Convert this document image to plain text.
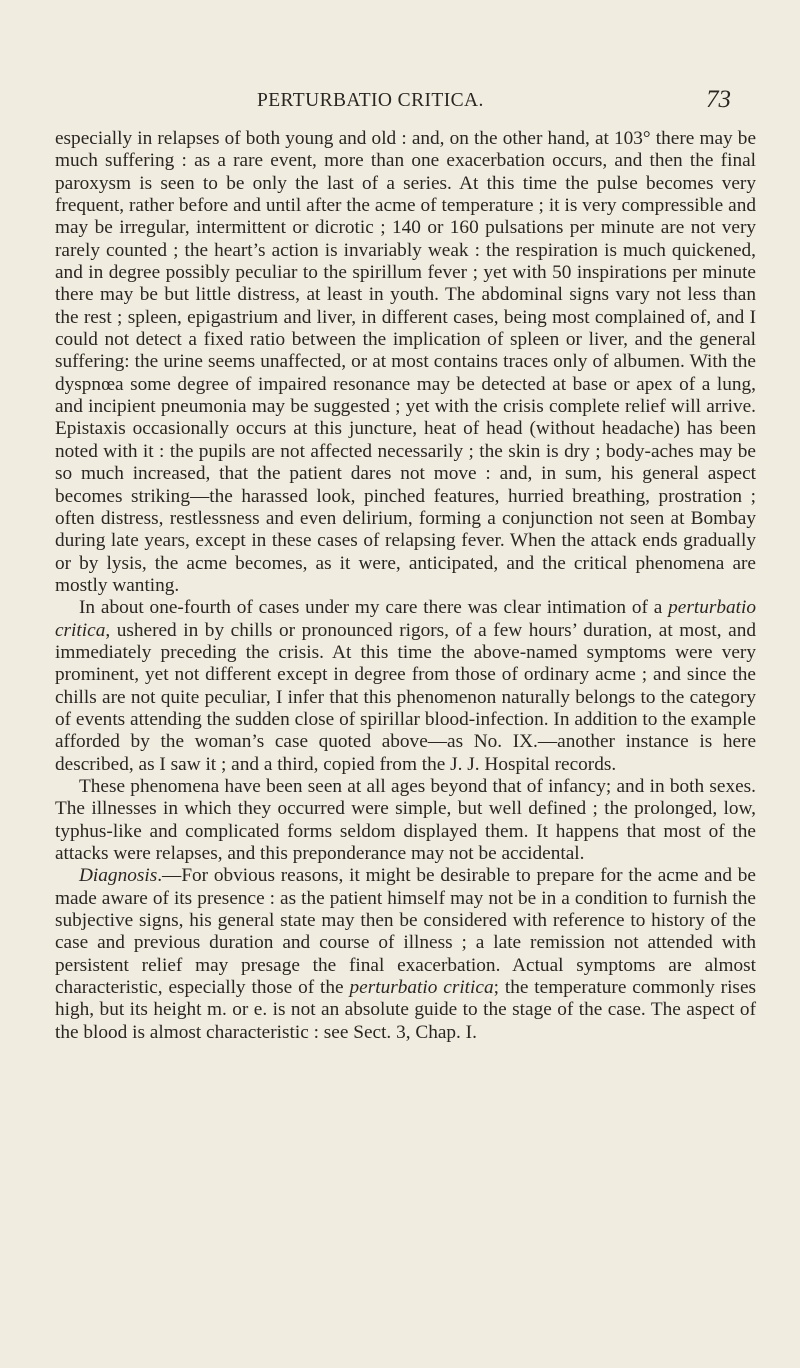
PERTURBATIO CRITICA.	73

especially in relapses of both young and old : and, on the other hand, at 103° there may be much suffering : as a rare event, more than one exacerbation occurs, and then the final paroxysm is seen to be only the last of a series. At this time the pulse becomes very frequent, rather before and until after the acme of temperature ; it is very compressible and may be irregular, intermittent or dicrotic ; 140 or 160 pulsations per minute are not very rarely counted ; the heart’s action is invariably weak : the respiration is much quickened, and in degree possibly peculiar to the spirillum fever ; yet with 50 inspirations per minute there may be but little distress, at least in youth. The abdominal signs vary not less than the rest ; spleen, epigastrium and liver, in different cases, being most complained of, and I could not detect a fixed ratio between the implication of spleen or liver, and the general suffering: the urine seems unaffected, or at most contains traces only of albumen. With the dyspnœa some degree of impaired resonance may be detected at base or apex of a lung, and incipient pneumonia may be suggested ; yet with the crisis complete relief will arrive. Epistaxis occasionally occurs at this juncture, heat of head (without headache) has been noted with it : the pupils are not affected necessarily ; the skin is dry ; body-aches may be so much increased, that the patient dares not move : and, in sum, his general aspect becomes striking—the harassed look, pinched features, hurried breathing, prostration ; often distress, restlessness and even delirium, forming a conjunction not seen at Bombay during late years, except in these cases of relapsing fever. When the attack ends gradually or by lysis, the acme becomes, as it were, anticipated, and the critical phenomena are mostly wanting.

In about one-fourth of cases under my care there was clear intimation of a perturbatio critica, ushered in by chills or pronounced rigors, of a few hours’ duration, at most, and immediately preceding the crisis. At this time the above-named symptoms were very prominent, yet not different except in degree from those of ordinary acme ; and since the chills are not quite peculiar, I infer that this phenomenon naturally belongs to the category of events attending the sudden close of spirillar blood-infection. In addition to the example afforded by the woman’s case quoted above—as No. IX.—another instance is here described, as I saw it ; and a third, copied from the J. J. Hospital records.

These phenomena have been seen at all ages beyond that of infancy; and in both sexes. The illnesses in which they occurred were simple, but well defined ; the prolonged, low, typhus-like and complicated forms seldom displayed them. It happens that most of the attacks were relapses, and this preponderance may not be accidental.

Diagnosis.—For obvious reasons, it might be desirable to prepare for the acme and be made aware of its presence : as the patient himself may not be in a condition to furnish the subjective signs, his general state may then be considered with reference to history of the case and previous duration and course of illness ; a late remission not attended with persistent relief may presage the final exacerbation. Actual symptoms are almost characteristic, especially those of the perturbatio critica; the temperature commonly rises high, but its height m. or e. is not an absolute guide to the stage of the case. The aspect of the blood is almost characteristic : see Sect. 3, Chap. I.
